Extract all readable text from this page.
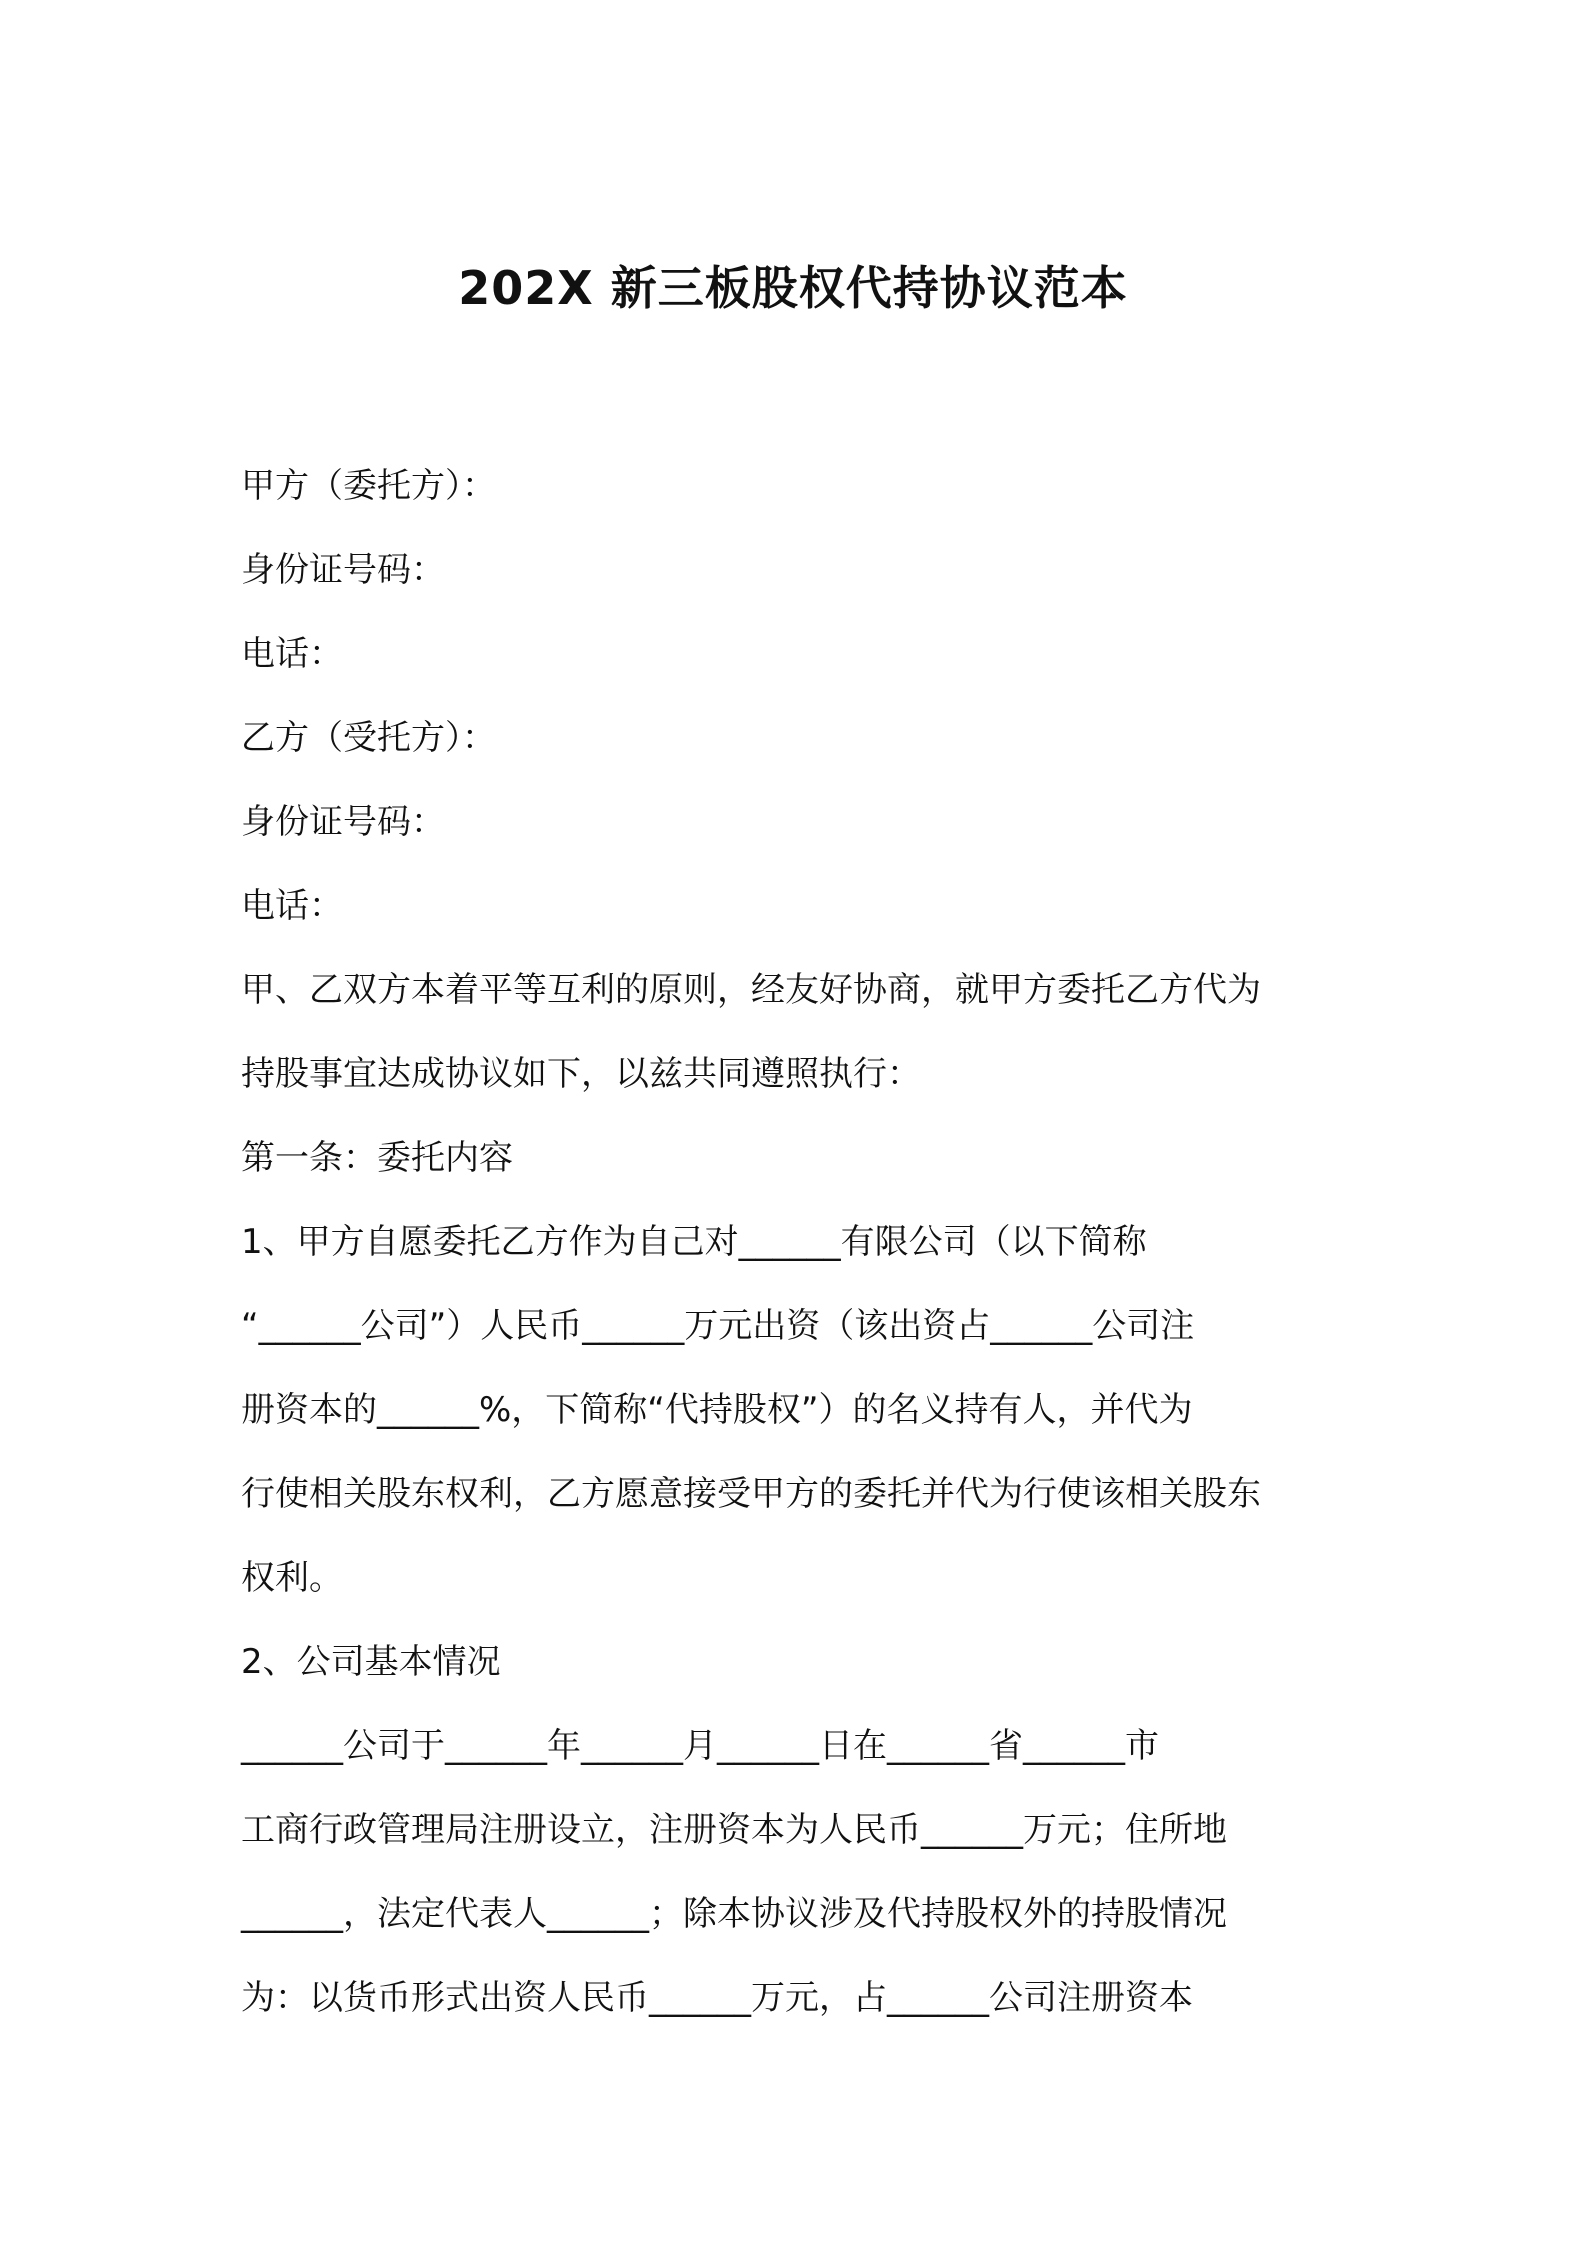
202X 新三板股权代持协议范本

甲方（委托方）：

身份证号码：

电话：

乙方（受托方）：

身份证号码：

电话：

甲、乙双方本着平等互利的原则，经友好协商，就甲方委托乙方代为

持股事宜达成协议如下，以兹共同遵照执行：

第一条：委托内容

1、甲方自愿委托乙方作为自己对______有限公司（以下简称

“______公司”）人民币______万元出资（该出资占______公司注

册资本的______%，下简称“代持股权”）的名义持有人，并代为

行使相关股东权利，乙方愿意接受甲方的委托并代为行使该相关股东

权利。

2、公司基本情况

______公司于______年______月______日在______省______市

工商行政管理局注册设立，注册资本为人民币______万元；住所地

______，法定代表人______；除本协议涉及代持股权外的持股情况

为：以货币形式出资人民币______万元，占______公司注册资本
